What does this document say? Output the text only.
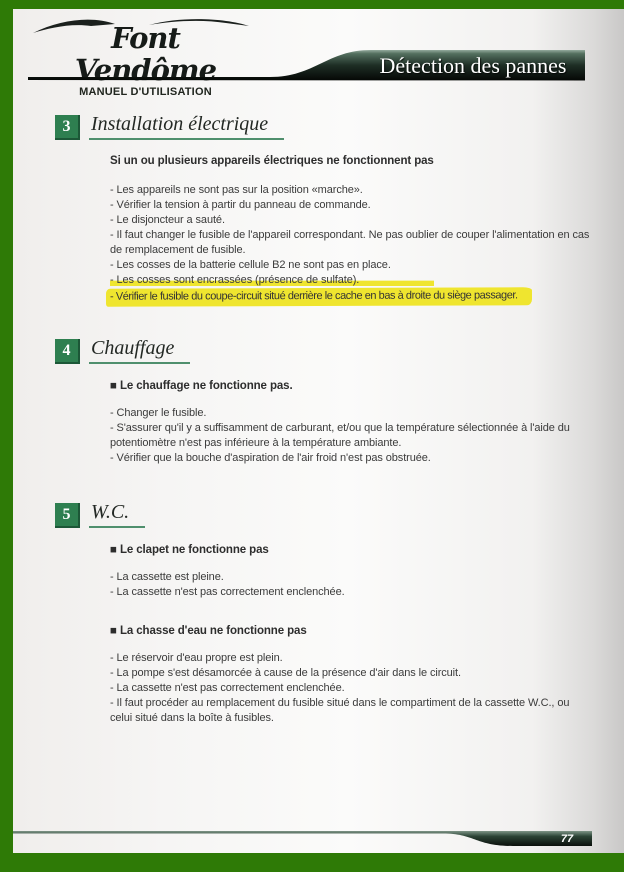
Font Vendôme
MANUEL D'UTILISATION
Détection des pannes
3	Installation électrique

Si un ou plusieurs appareils électriques ne fonctionnent pas

- Les appareils ne sont pas sur la position «marche».

- Vérifier la tension à partir du panneau de commande.

- Le disjoncteur a sauté.

- Il faut changer le fusible de l'appareil correspondant. Ne pas oublier de couper l'alimentation en cas de remplacement de fusible.

- Les cosses de la batterie cellule B2 ne sont pas en place.

- Les cosses sont encrassées (présence de sulfate).

- Vérifier le fusible du coupe-circuit situé derrière le cache en bas à droite du siège passager.

4	Chauffage

■ Le chauffage ne fonctionne pas.

- Changer le fusible.

- S'assurer qu'il y a suffisamment de carburant, et/ou que la température sélectionnée à l'aide du potentiomètre n'est pas inférieure à la température ambiante.

- Vérifier que la bouche d'aspiration de l'air froid n'est pas obstruée.

5	W.C.

■ Le clapet ne fonctionne pas

- La cassette est pleine.

- La cassette n'est pas correctement enclenchée.

■ La chasse d'eau ne fonctionne pas

- Le réservoir d'eau propre est plein.

- La pompe s'est désamorcée à cause de la présence d'air dans le circuit.

- La cassette n'est pas correctement enclenchée.

- Il faut procéder au remplacement du fusible situé dans le compartiment de la cassette W.C., ou celui situé dans la boîte à fusibles.

77
